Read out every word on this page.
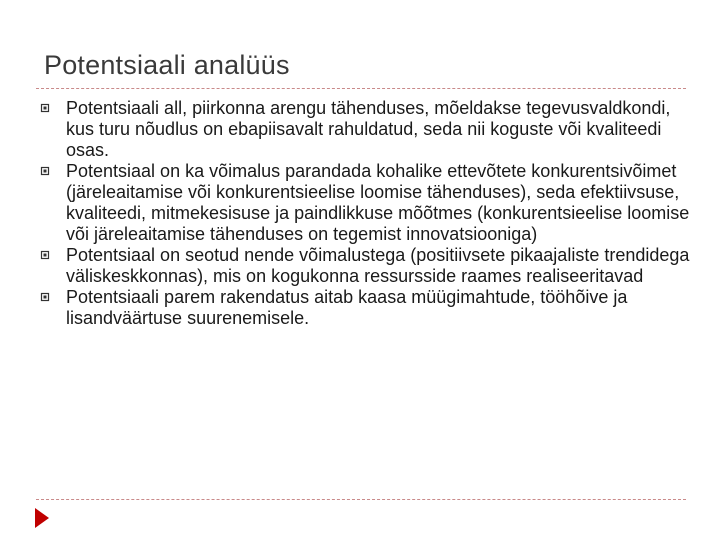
Potentsiaali analüüs
Potentsiaali all, piirkonna arengu tähenduses, mõeldakse tegevusvaldkondi, kus turu nõudlus on ebapiisavalt rahuldatud, seda nii koguste või kvaliteedi osas.
Potentsiaal on ka võimalus parandada kohalike ettevõtete konkurentsivõimet (järeleaitamise või konkurentsieelise loomise tähenduses), seda efektiivsuse, kvaliteedi, mitmekesisuse ja paindlikkuse mõõtmes (konkurentsieelise loomise või järeleaitamise tähenduses on tegemist innovatsiooniga)
Potentsiaal on seotud nende võimalustega (positiivsete pikaajaliste trendidega väliskeskkonnas), mis on kogukonna ressursside raames realiseeritavad
Potentsiaali parem rakendatus aitab kaasa müügimahtude, tööhõive ja lisandväärtuse suurenemisele.
